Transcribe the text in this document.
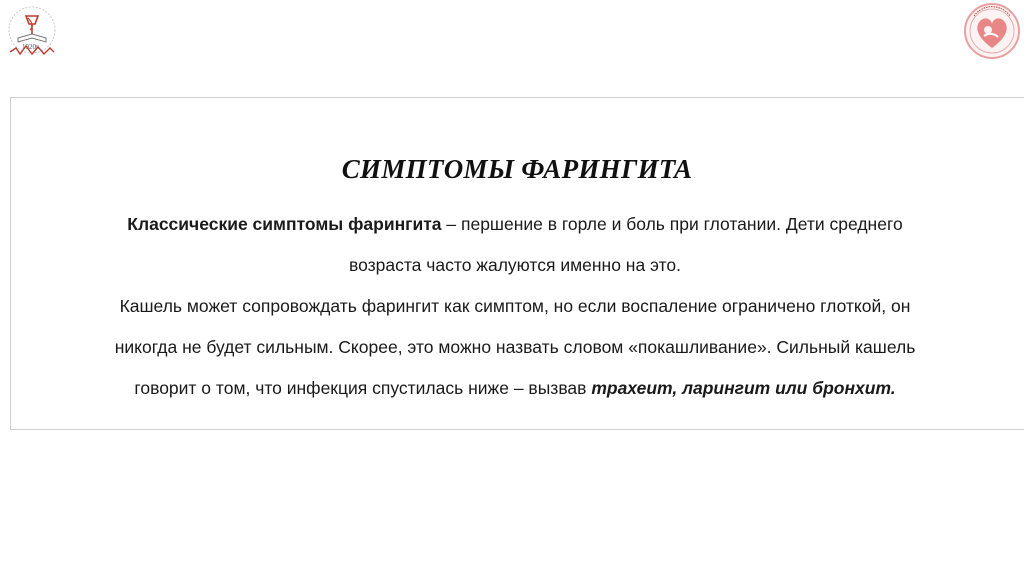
1920г.
СИМПТОМЫ ФАРИНГИТА
Классические симптомы фарингита – першение в горле и боль при глотании. Дети среднего
возраста часто жалуются именно на это.
Кашель может сопровождать фарингит как симптом, но если воспаление ограничено глоткой, он
никогда не будет сильным. Скорее, это можно назвать словом «покашливание». Сильный кашель
говорит о том, что инфекция спустилась ниже – вызвав трахеит, ларингит или бронхит.
